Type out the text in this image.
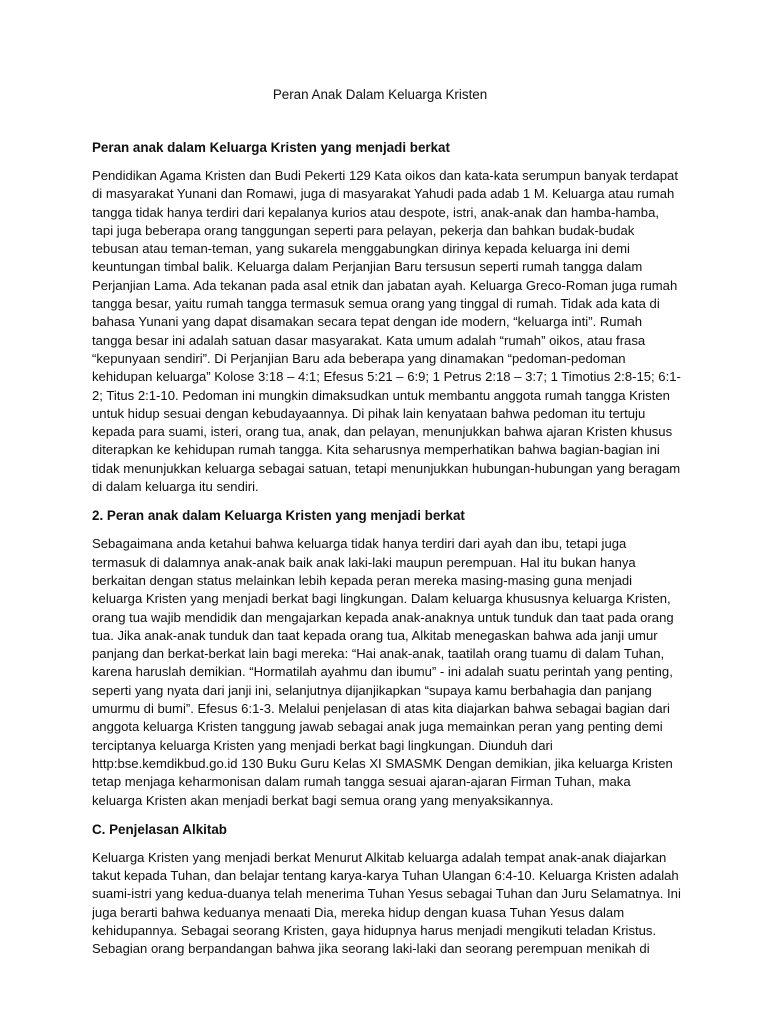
Peran Anak Dalam Keluarga Kristen
Peran anak dalam Keluarga Kristen yang menjadi berkat
Pendidikan Agama Kristen dan Budi Pekerti 129 Kata oikos dan kata-kata serumpun banyak terdapat di masyarakat Yunani dan Romawi, juga di masyarakat Yahudi pada adab 1 M. Keluarga atau rumah tangga tidak hanya terdiri dari kepalanya kurios atau despote, istri, anak-anak dan hamba-hamba, tapi juga beberapa orang tanggungan seperti para pelayan, pekerja dan bahkan budak-budak tebusan atau teman-teman, yang sukarela menggabungkan dirinya kepada keluarga ini demi keuntungan timbal balik. Keluarga dalam Perjanjian Baru tersusun seperti rumah tangga dalam Perjanjian Lama. Ada tekanan pada asal etnik dan jabatan ayah. Keluarga Greco-Roman juga rumah tangga besar, yaitu rumah tangga termasuk semua orang yang tinggal di rumah. Tidak ada kata di bahasa Yunani yang dapat disamakan secara tepat dengan ide modern, “keluarga inti”. Rumah tangga besar ini adalah satuan dasar masyarakat. Kata umum adalah “rumah” oikos, atau frasa “kepunyaan sendiri”. Di Perjanjian Baru ada beberapa yang dinamakan “pedoman-pedoman kehidupan keluarga” Kolose 3:18 – 4:1; Efesus 5:21 – 6:9; 1 Petrus 2:18 – 3:7; 1 Timotius 2:8-15; 6:1-2; Titus 2:1-10. Pedoman ini mungkin dimaksudkan untuk membantu anggota rumah tangga Kristen untuk hidup sesuai dengan kebudayaannya. Di pihak lain kenyataan bahwa pedoman itu tertuju kepada para suami, isteri, orang tua, anak, dan pelayan, menunjukkan bahwa ajaran Kristen khusus diterapkan ke kehidupan rumah tangga. Kita seharusnya memperhatikan bahwa bagian-bagian ini tidak menunjukkan keluarga sebagai satuan, tetapi menunjukkan hubungan-hubungan yang beragam di dalam keluarga itu sendiri.
2. Peran anak dalam Keluarga Kristen yang menjadi berkat
Sebagaimana anda ketahui bahwa keluarga tidak hanya terdiri dari ayah dan ibu, tetapi juga termasuk di dalamnya anak-anak baik anak laki-laki maupun perempuan. Hal itu bukan hanya berkaitan dengan status melainkan lebih kepada peran mereka masing-masing guna menjadi keluarga Kristen yang menjadi berkat bagi lingkungan. Dalam keluarga khususnya keluarga Kristen, orang tua wajib mendidik dan mengajarkan kepada anak-anaknya untuk tunduk dan taat pada orang tua. Jika anak-anak tunduk dan taat kepada orang tua, Alkitab menegaskan bahwa ada janji umur panjang dan berkat-berkat lain bagi mereka: “Hai anak-anak, taatilah orang tuamu di dalam Tuhan, karena haruslah demikian. “Hormatilah ayahmu dan ibumu” - ini adalah suatu perintah yang penting, seperti yang nyata dari janji ini, selanjutnya dijanjikapkan “supaya kamu berbahagia dan panjang umurmu di bumi”. Efesus 6:1-3. Melalui penjelasan di atas kita diajarkan bahwa sebagai bagian dari anggota keluarga Kristen tanggung jawab sebagai anak juga memainkan peran yang penting demi terciptanya keluarga Kristen yang menjadi berkat bagi lingkungan. Diunduh dari http:bse.kemdikbud.go.id 130 Buku Guru Kelas XI SMASMK Dengan demikian, jika keluarga Kristen tetap menjaga keharmonisan dalam rumah tangga sesuai ajaran-ajaran Firman Tuhan, maka keluarga Kristen akan menjadi berkat bagi semua orang yang menyaksikannya.
C. Penjelasan Alkitab
Keluarga Kristen yang menjadi berkat Menurut Alkitab keluarga adalah tempat anak-anak diajarkan takut kepada Tuhan, dan belajar tentang karya-karya Tuhan Ulangan 6:4-10. Keluarga Kristen adalah suami-istri yang kedua-duanya telah menerima Tuhan Yesus sebagai Tuhan dan Juru Selamatnya. Ini juga berarti bahwa keduanya menaati Dia, mereka hidup dengan kuasa Tuhan Yesus dalam kehidupannya. Sebagai seorang Kristen, gaya hidupnya harus menjadi mengikuti teladan Kristus. Sebagian orang berpandangan bahwa jika seorang laki-laki dan seorang perempuan menikah di
